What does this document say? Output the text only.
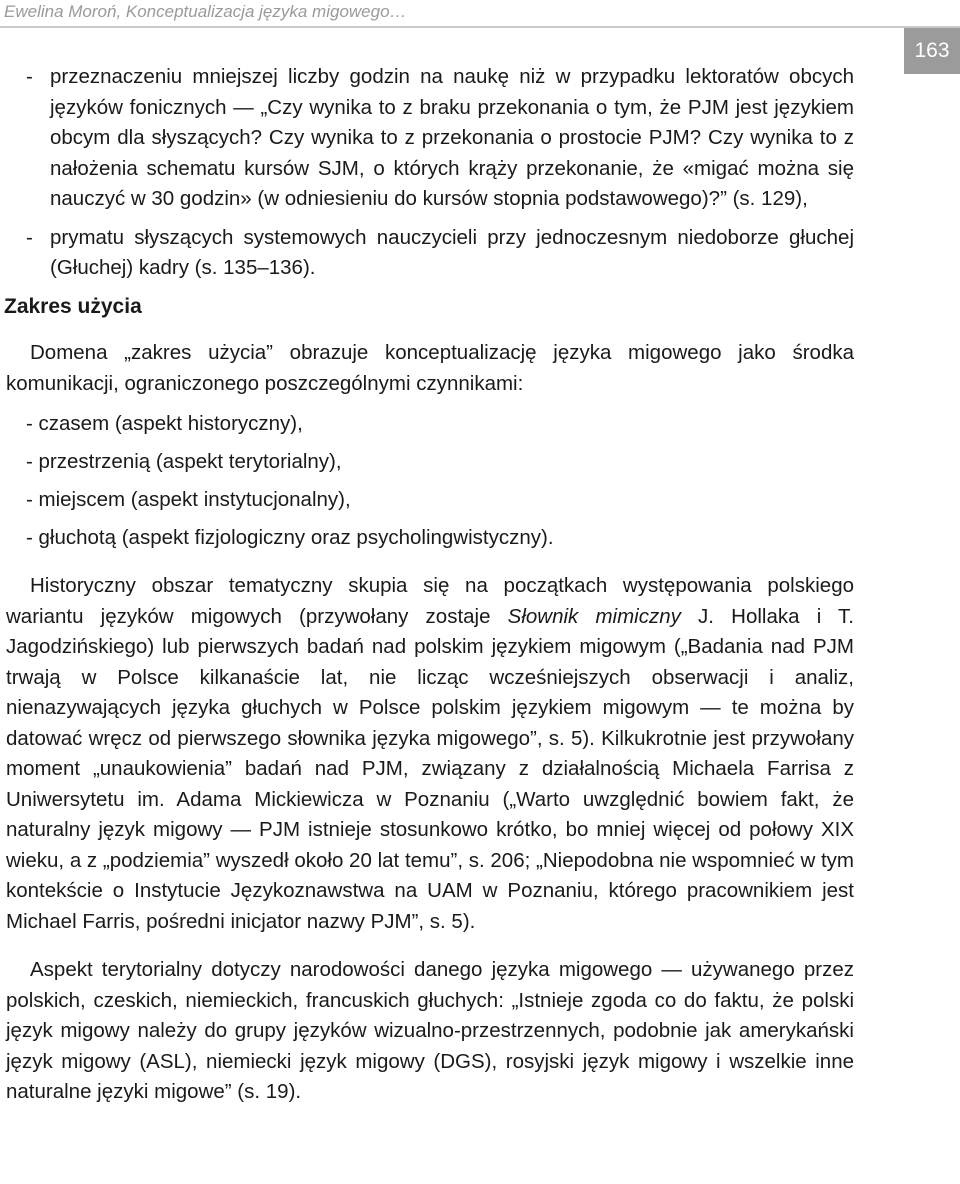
Ewelina Moroń, Konceptualizacja języka migowego…
163

- przeznaczeniu mniejszej liczby godzin na naukę niż w przypadku lektoratów obcych języków fonicznych — „Czy wynika to z braku przekonania o tym, że PJM jest językiem obcym dla słyszących? Czy wynika to z przekonania o prostocie PJM? Czy wynika to z nałożenia schematu kursów SJM, o których krąży przekonanie, że «migać można się nauczyć w 30 godzin» (w odniesieniu do kursów stopnia podstawowego)?” (s. 129),

- prymatu słyszących systemowych nauczycieli przy jednoczesnym niedoborze głuchej (Głuchej) kadry (s. 135–136).

Zakres użycia

Domena „zakres użycia” obrazuje konceptualizację języka migowego jako środka komunikacji, ograniczonego poszczególnymi czynnikami:

- czasem (aspekt historyczny),
- przestrzenią (aspekt terytorialny),
- miejscem (aspekt instytucjonalny),
- głuchotą (aspekt fizjologiczny oraz psycholingwistyczny).

Historyczny obszar tematyczny skupia się na początkach występowania polskiego wariantu języków migowych (przywołany zostaje Słownik mimiczny J. Hollaka i T. Jagodzińskiego) lub pierwszych badań nad polskim językiem migowym („Badania nad PJM trwają w Polsce kilkanaście lat, nie licząc wcześniejszych obserwacji i analiz, nienazywających języka głuchych w Polsce polskim językiem migowym — te można by datować wręcz od pierwszego słownika języka migowego”, s. 5). Kilkukrotnie jest przywołany moment „unaukowienia” badań nad PJM, związany z działalnością Michaela Farrisa z Uniwersytetu im. Adama Mickiewicza w Poznaniu („Warto uwzględnić bowiem fakt, że naturalny język migowy — PJM istnieje stosunkowo krótko, bo mniej więcej od połowy XIX wieku, a z „podziemia” wyszedł około 20 lat temu”, s. 206; „Niepodobna nie wspomnieć w tym kontekście o Instytucie Językoznawstwa na UAM w Poznaniu, którego pracownikiem jest Michael Farris, pośredni inicjator nazwy PJM”, s. 5).

Aspekt terytorialny dotyczy narodowości danego języka migowego — używanego przez polskich, czeskich, niemieckich, francuskich głuchych: „Istnieje zgoda co do faktu, że polski język migowy należy do grupy języków wizualno-przestrzennych, podobnie jak amerykański język migowy (ASL), niemiecki język migowy (DGS), rosyjski język migowy i wszelkie inne naturalne języki migowe” (s. 19).
